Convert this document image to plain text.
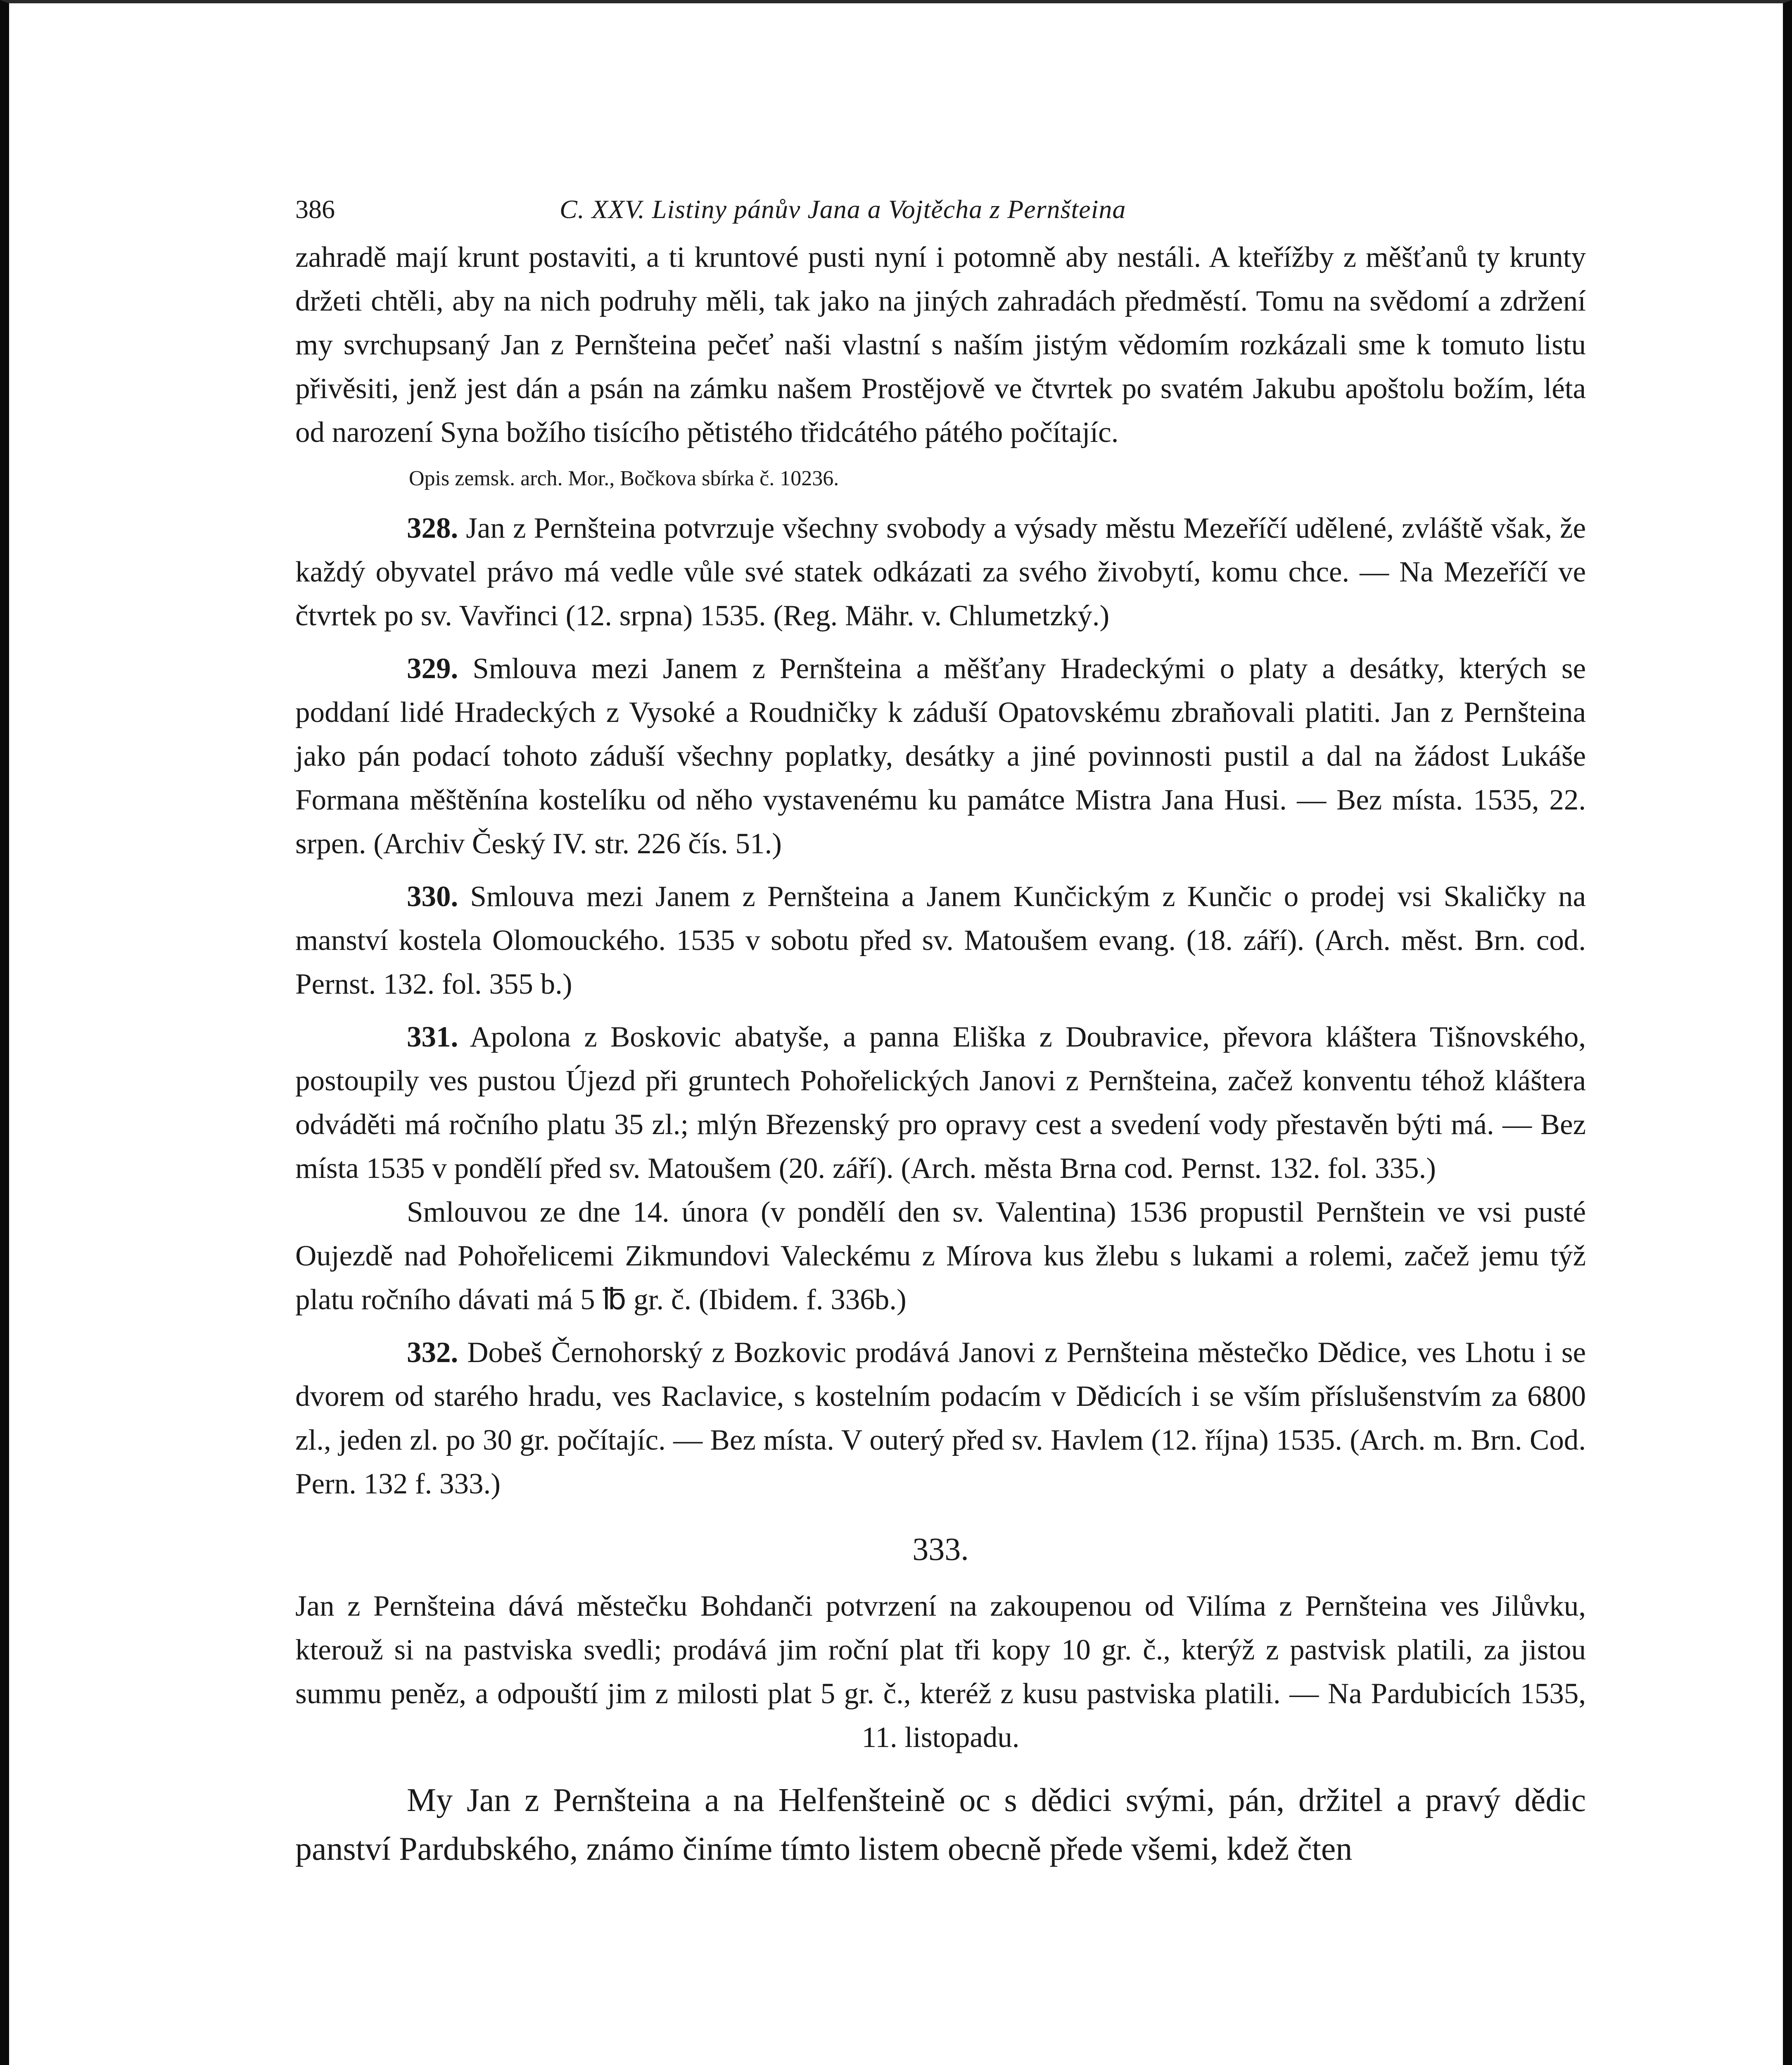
386	C. XXV. Listiny pánův Jana a Vojtěcha z Pernšteina

zahradě mají krunt postaviti, a ti kruntové pusti nyní i potomně aby nestáli. A kteřížby z měšťanů ty krunty držeti chtěli, aby na nich podruhy měli, tak jako na jiných zahradách předměstí. Tomu na svědomí a zdržení my svrchupsaný Jan z Pernšteina pečeť naši vlastní s naším jistým vědomím rozkázali sme k tomuto listu přivěsiti, jenž jest dán a psán na zámku našem Prostějově ve čtvrtek po svatém Jakubu apoštolu božím, léta od narození Syna božího tisícího pětistého třidcátého pátého počítajíc.

Opis zemsk. arch. Mor., Bočkova sbírka č. 10236.

328. Jan z Pernšteina potvrzuje všechny svobody a výsady městu Mezeříčí udělené, zvláště však, že každý obyvatel právo má vedle vůle své statek odkázati za svého živobytí, komu chce. — Na Mezeříčí ve čtvrtek po sv. Vavřinci (12. srpna) 1535. (Reg. Mähr. v. Chlumetzký.)

329. Smlouva mezi Janem z Pernšteina a měšťany Hradeckými o platy a desátky, kterých se poddaní lidé Hradeckých z Vysoké a Roudničky k záduší Opatovskému zbraňovali platiti. Jan z Pernšteina jako pán podací tohoto záduší všechny poplatky, desátky a jiné povinnosti pustil a dal na žádost Lukáše Formana měštěnína kostelíku od něho vystavenému ku památce Mistra Jana Husi. — Bez místa. 1535, 22. srpen. (Archiv Český IV. str. 226 čís. 51.)

330. Smlouva mezi Janem z Pernšteina a Janem Kunčickým z Kunčic o prodej vsi Skaličky na manství kostela Olomouckého. 1535 v sobotu před sv. Matoušem evang. (18. září). (Arch. měst. Brn. cod. Pernst. 132. fol. 355 b.)

331. Apolona z Boskovic abatyše, a panna Eliška z Doubravice, převora kláštera Tišnovského, postoupily ves pustou Újezd při gruntech Pohořelických Janovi z Pernšteina, začež konventu téhož kláštera odváděti má ročního platu 35 zl.; mlýn Březenský pro opravy cest a svedení vody přestavěn býti má. — Bez místa 1535 v pondělí před sv. Matoušem (20. září). (Arch. města Brna cod. Pernst. 132. fol. 335.)

Smlouvou ze dne 14. února (v pondělí den sv. Valentina) 1536 propustil Pernštein ve vsi pusté Oujezdě nad Pohořelicemi Zikmundovi Valeckému z Mírova kus žlebu s lukami a rolemi, začež jemu týž platu ročního dávati má 5 ℔ gr. č. (Ibidem. f. 336b.)

332. Dobeš Černohorský z Bozkovic prodává Janovi z Pernšteina městečko Dědice, ves Lhotu i se dvorem od starého hradu, ves Raclavice, s kostelním podacím v Dědicích i se vším příslušenstvím za 6800 zl., jeden zl. po 30 gr. počítajíc. — Bez místa. V outerý před sv. Havlem (12. října) 1535. (Arch. m. Brn. Cod. Pern. 132 f. 333.)

333.

Jan z Pernšteina dává městečku Bohdanči potvrzení na zakoupenou od Vilíma z Pernšteina ves Jilůvku, kterouž si na pastviska svedli; prodává jim roční plat tři kopy 10 gr. č., kterýž z pastvisk platili, za jistou summu peněz, a odpouští jim z milosti plat 5 gr. č., kteréž z kusu pastviska platili. — Na Pardubicích 1535, 11. listopadu.

My Jan z Pernšteina a na Helfenšteině oc s dědici svými, pán, držitel a pravý dědic panství Pardubského, známo činíme tímto listem obecně přede všemi, kdež čten
